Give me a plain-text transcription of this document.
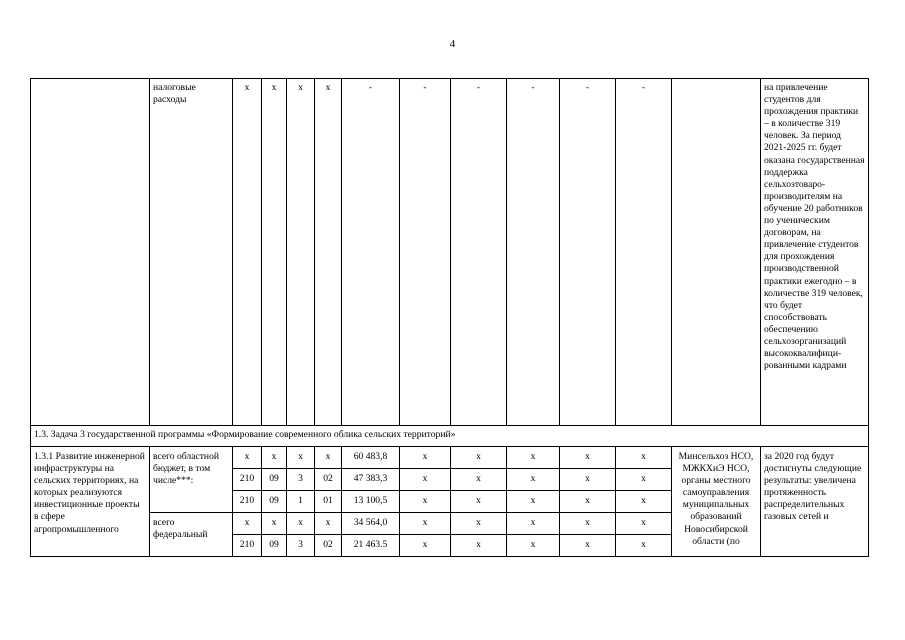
4
	налоговые расходы	х	х	х	х	-	-	-	-	-	-		на привлечение студентов для прохождения практики – в количестве 319 человек. За период 2021-2025 гг. будет оказана государственная поддержка сельхозтоваро-производителям на обучение 20 работников по ученическим договорам, на привлечение студентов для прохождения производственной практики ежегодно – в количестве 319 человек, что будет способствовать обеспечению сельхозорганизаций высококвалифици-рованными кадрами
1.3. Задача 3 государственной программы «Формирование современного облика сельских территорий»													
1.3.1 Развитие инженерной инфраструктуры на сельских территориях, на которых реализуются инвестиционные проекты в сфере агропромышленного	всего областной бюджет, в том числе***:	х	х	х	х	60 483,8	х	х	х	х	х	Минсельхоз НСО, МЖКХиЭ НСО, органы местного самоуправления муниципальных образований Новосибирской области (по	за 2020 год будут достигнуты следующие результаты: увеличена протяженность распределительных газовых сетей и
		210	09	3	02	47 383,3	х	х	х	х	х		
		210	09	1	01	13 100,5	х	х	х	х	х		
	всего федеральный	х	х	х	х	34 564,0	х	х	х	х	х		
		210	09	3	02	21 463.5	х	х	х	х	х		
